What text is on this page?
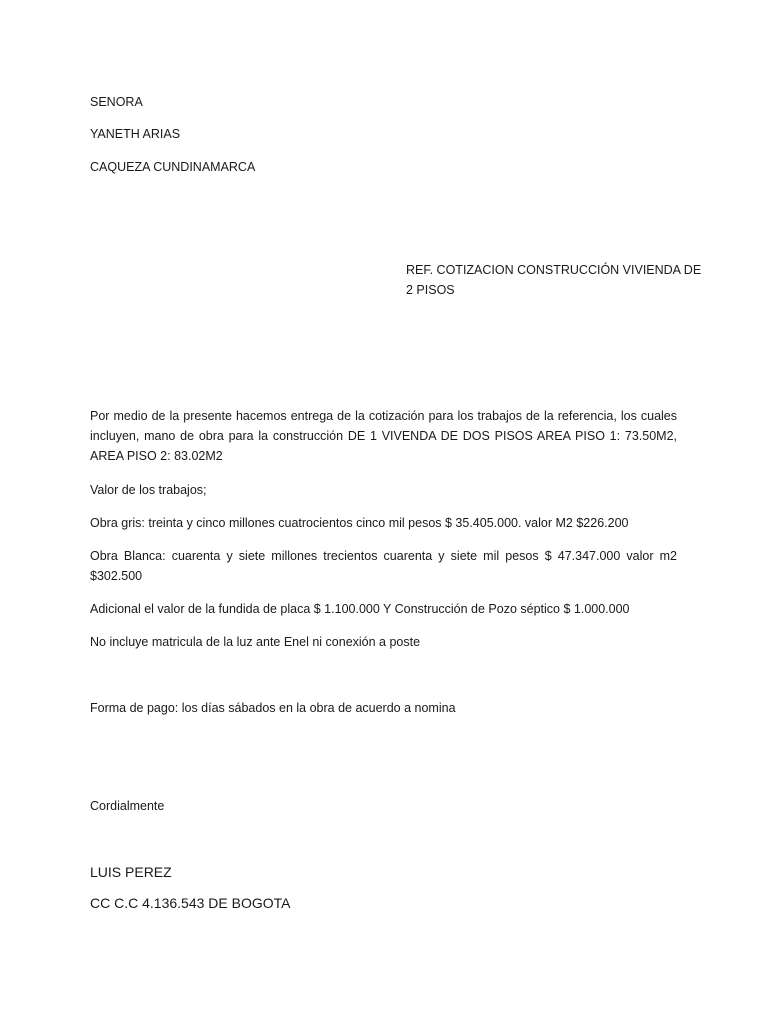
SENORA

YANETH ARIAS

CAQUEZA CUNDINAMARCA

REF. COTIZACION CONSTRUCCIÓN VIVIENDA DE
2 PISOS

Por medio de la presente hacemos entrega de la cotización para los trabajos de la referencia, los cuales incluyen, mano de obra para la construcción DE 1 VIVENDA DE DOS PISOS AREA PISO 1: 73.50M2, AREA PISO 2: 83.02M2

Valor de los trabajos;

Obra gris: treinta y cinco millones cuatrocientos cinco mil pesos $ 35.405.000. valor M2 $226.200

Obra Blanca: cuarenta y siete millones trecientos cuarenta y siete mil pesos $ 47.347.000 valor m2 $302.500

Adicional el valor de la fundida de placa $ 1.100.000 Y Construcción de Pozo séptico $ 1.000.000

No incluye matricula de la luz ante Enel ni conexión a poste

Forma de pago: los días sábados en la obra de acuerdo a nomina

Cordialmente

LUIS PEREZ
CC C.C 4.136.543 DE BOGOTA
